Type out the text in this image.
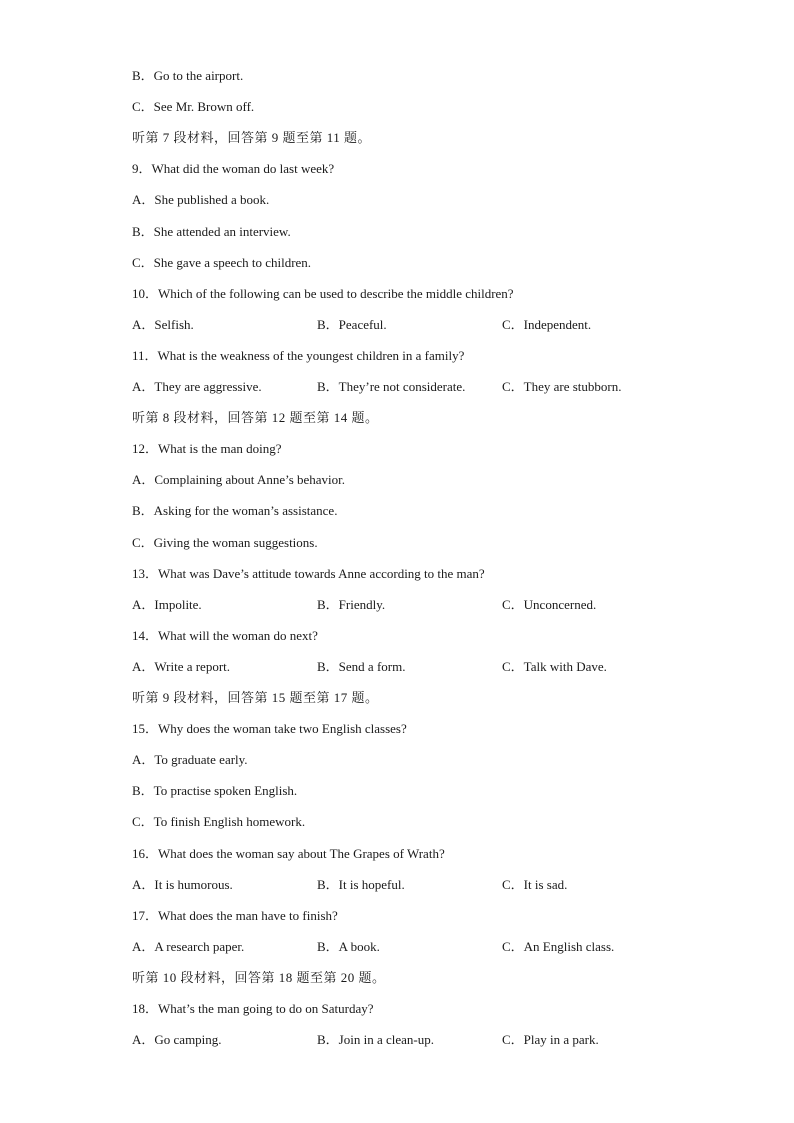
B．Go to the airport.
C．See Mr. Brown off.
听第 7 段材料，回答第 9 题至第 11 题。
9．What did the woman do last week?
A．She published a book.
B．She attended an interview.
C．She gave a speech to children.
10．Which of the following can be used to describe the middle children?
A．Selfish.	B．Peaceful.	C．Independent.
11．What is the weakness of the youngest children in a family?
A．They are aggressive.	B．They’re not considerate.	C．They are stubborn.
听第 8 段材料，回答第 12 题至第 14 题。
12．What is the man doing?
A．Complaining about Anne’s behavior.
B．Asking for the woman’s assistance.
C．Giving the woman suggestions.
13．What was Dave’s attitude towards Anne according to the man?
A．Impolite.	B．Friendly.	C．Unconcerned.
14．What will the woman do next?
A．Write a report.	B．Send a form.	C．Talk with Dave.
听第 9 段材料，回答第 15 题至第 17 题。
15．Why does the woman take two English classes?
A．To graduate early.
B．To practise spoken English.
C．To finish English homework.
16．What does the woman say about The Grapes of Wrath?
A．It is humorous.	B．It is hopeful.	C．It is sad.
17．What does the man have to finish?
A．A research paper.	B．A book.	C．An English class.
听第 10 段材料，回答第 18 题至第 20 题。
18．What’s the man going to do on Saturday?
A．Go camping.	B．Join in a clean-up.	C．Play in a park.
